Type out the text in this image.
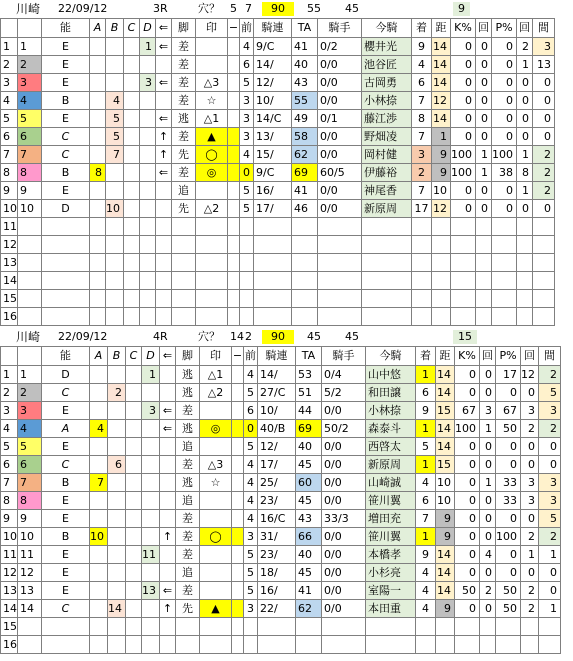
川崎 22/09/12	3R	穴？ 5 7	90	55 45	9
		能	A	B	C	D	⇐	脚	印	−	前	騎連	TA	騎手	今騎	着	距	K%	回	P%	回	間
1	1	E				1	⇐	差			4	9/C	41	0/2	櫻井光	9	14	0	0	0	2	3
2	2	E						差			6	14/	40	0/0	池谷匠	4	14	0	0	0	1	13
3	3	E				3	⇐	差	△3		5	12/	43	0/0	古岡勇	6	14	0	0	0	0	0
4	4	B		4				差	☆		3	10/	55	0/0	小林捺	7	12	0	0	0	0	0
5	5	E		5			⇐	逃	△1		3	14/C	49	0/1	藤江渉	8	14	0	0	0	0	0
6	6	C		5			↑	差	▲		3	13/	58	0/0	野畑凌	7	1	0	0	0	0	0
7	7	C		7			↑	先	◯		4	15/	62	0/0	岡村健	3	9	100	1	100	1	2
8	8	B	8				⇐	差	◎		0	9/C	69	60/5	伊藤裕	2	9	100	1	38	8	2
9	9	E						追			5	16/	41	0/0	神尾香	7	10	0	0	0	1	2
10	10	D		10				先	△2		5	17/	46	0/0	新原周	17	12	0	0	0	0	0
11																						
12																						
13																						
14																						
15																						
16																						
川崎 22/09/12	4R	穴？ 14 2	90	45 45	15
		能	A	B	C	D	⇐	脚	印	−	前	騎連	TA	騎手	今騎	着	距	K%	回	P%	回	間
1	1	D				1		逃	△1		4	14/	53	0/4	山中悠	1	14	0	0	17	12	2
2	2	C		2				逃	△2		5	27/C	51	5/2	和田譲	6	14	0	0	0	0	5
3	3	E				3	⇐	差			6	10/	44	0/0	小林捺	9	15	67	3	67	3	3
4	4	A	4				⇐	逃	◎		0	40/B	69	50/2	森泰斗	1	14	100	1	50	2	2
5	5	E						追			5	12/	40	0/0	西啓太	5	14	0	0	0	0	0
6	6	C		6				差	△3		4	17/	45	0/0	新原周	1	15	0	0	0	0	0
7	7	B	7					逃	☆		4	25/	60	0/0	山崎誠	4	10	0	1	33	3	3
8	8	E						追			4	23/	45	0/0	笹川翼	6	10	0	0	33	3	3
9	9	E						差			4	16/C	43	33/3	増田充	7	9	0	0	0	0	5
10	10	B	10				↑	差	◯		3	31/	66	0/0	笹川翼	1	9	0	0	100	2	2
11	11	E				11		差			5	23/	40	0/0	本橋孝	9	14	0	4	0	1	1
12	12	E						追			5	18/	45	0/0	小杉亮	4	14	0	0	0	0	0
13	13	E				13	⇐	差			5	16/	41	0/0	室陽一	4	14	50	2	50	2	0
14	14	C		14			↑	先	▲		3	22/	62	0/0	本田重	4	9	0	0	50	2	1
15																						
16																						
